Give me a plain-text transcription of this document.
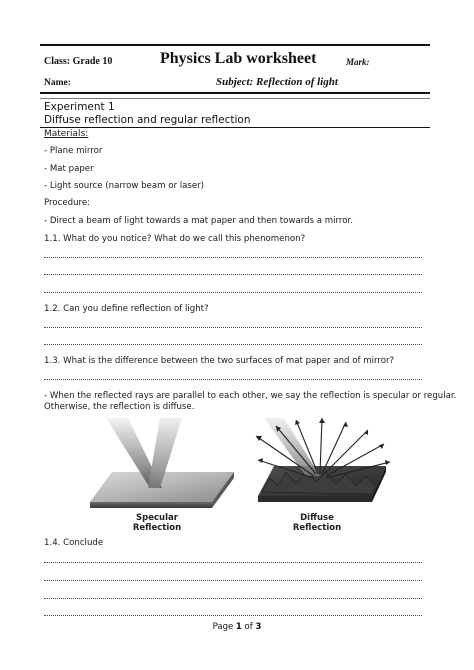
Class: Grade 10	Physics Lab worksheet	Mark:
Name:	Subject: Reflection of light
Experiment 1
Diffuse reflection and regular reflection
Materials:
- Plane mirror
- Mat paper
- Light source (narrow beam or laser)
Procedure:
- Direct a beam of light towards a mat paper and then towards a mirror.
1.1. What do you notice? What do we call this phenomenon?
1.2. Can you define reflection of light?
1.3. What is the difference between the two surfaces of mat paper and of mirror?
- When the reflected rays are parallel to each other, we say the reflection is specular or regular.
Otherwise, the reflection is diffuse.
Specular
Reflection
Diffuse
Reflection
1.4. Conclude
Page 1 of 3
